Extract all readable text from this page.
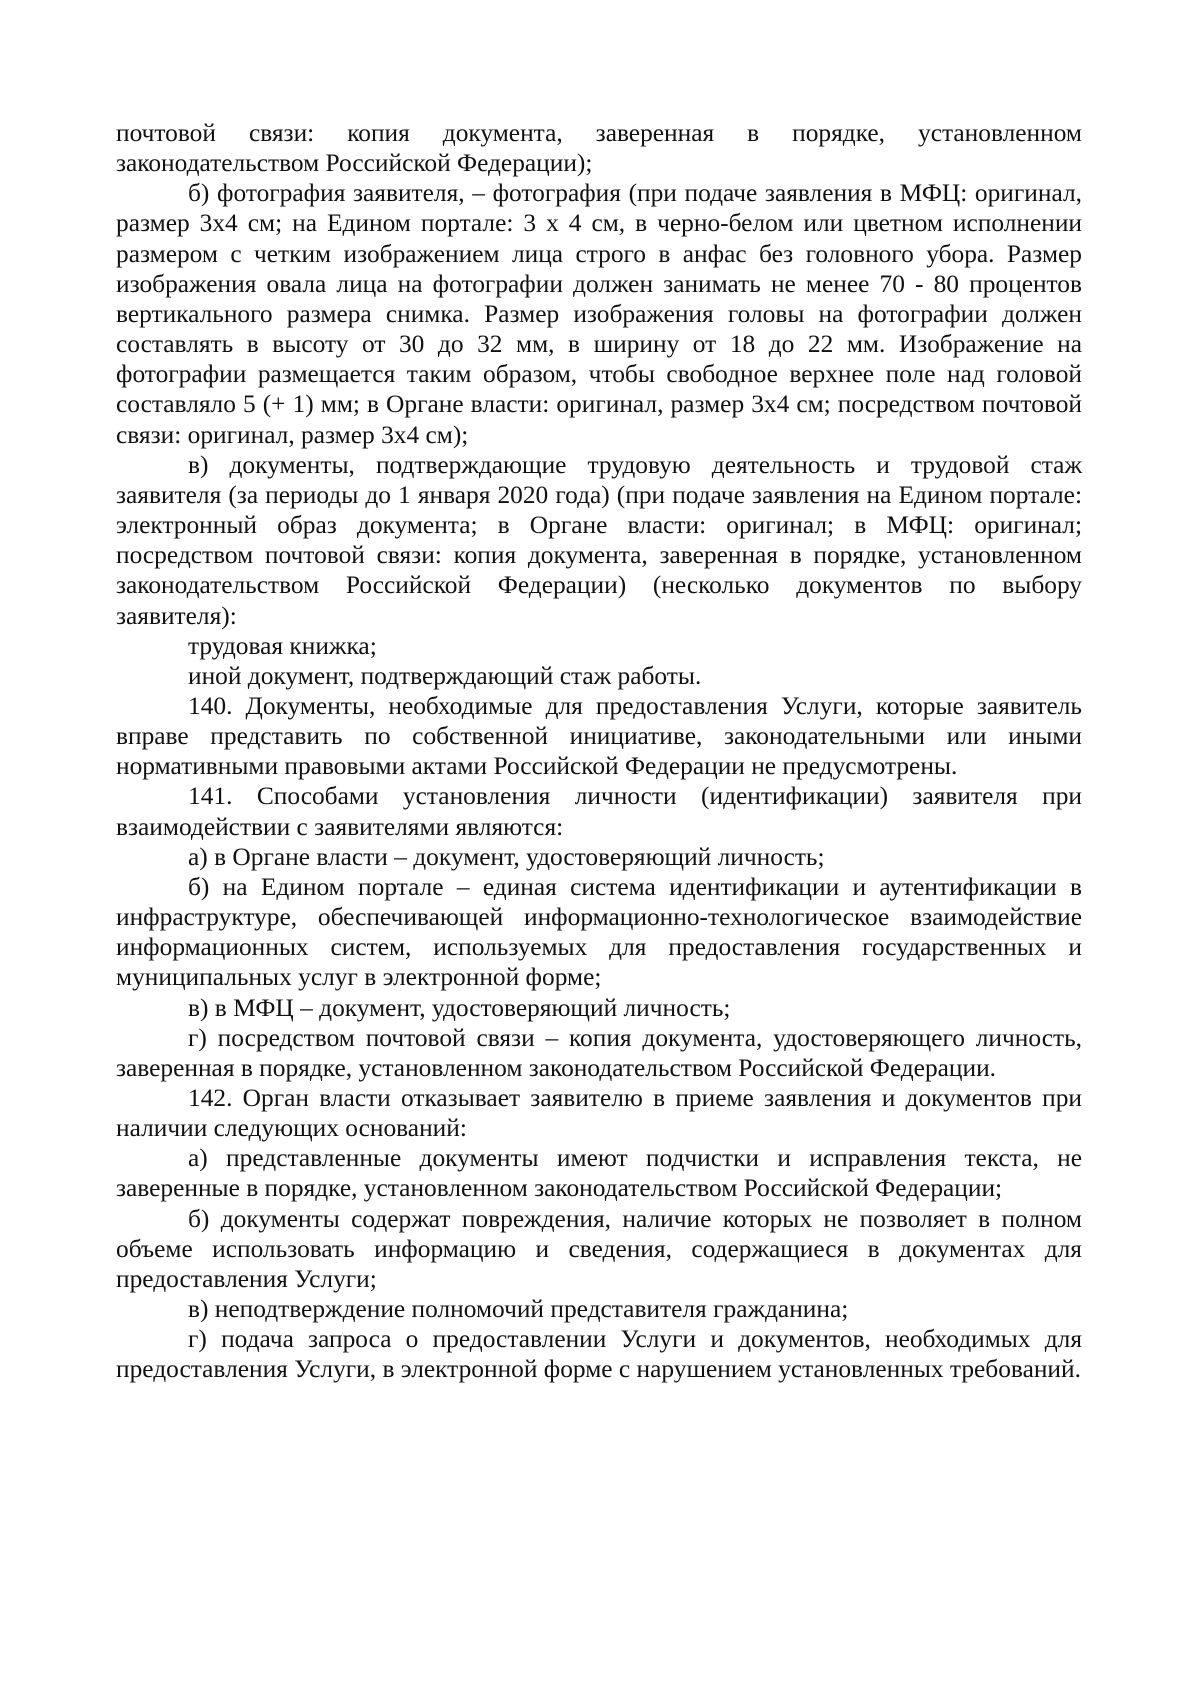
почтовой связи: копия документа, заверенная в порядке, установленном законодательством Российской Федерации);

б) фотография заявителя, – фотография (при подаче заявления в МФЦ: оригинал, размер 3х4 см; на Едином портале: 3 х 4 см, в черно-белом или цветном исполнении размером с четким изображением лица строго в анфас без головного убора. Размер изображения овала лица на фотографии должен занимать не менее 70 - 80 процентов вертикального размера снимка. Размер изображения головы на фотографии должен составлять в высоту от 30 до 32 мм, в ширину от 18 до 22 мм. Изображение на фотографии размещается таким образом, чтобы свободное верхнее поле над головой составляло 5 (+ 1) мм; в Органе власти: оригинал, размер 3х4 см; посредством почтовой связи: оригинал, размер 3х4 см);

в) документы, подтверждающие трудовую деятельность и трудовой стаж заявителя (за периоды до 1 января 2020 года) (при подаче заявления на Едином портале: электронный образ документа; в Органе власти: оригинал; в МФЦ: оригинал; посредством почтовой связи: копия документа, заверенная в порядке, установленном законодательством Российской Федерации) (несколько документов по выбору заявителя):

трудовая книжка;

иной документ, подтверждающий стаж работы.

140. Документы, необходимые для предоставления Услуги, которые заявитель вправе представить по собственной инициативе, законодательными или иными нормативными правовыми актами Российской Федерации не предусмотрены.

141. Способами установления личности (идентификации) заявителя при взаимодействии с заявителями являются:

а) в Органе власти – документ, удостоверяющий личность;

б) на Едином портале – единая система идентификации и аутентификации в инфраструктуре, обеспечивающей информационно-технологическое взаимодействие информационных систем, используемых для предоставления государственных и муниципальных услуг в электронной форме;

в) в МФЦ – документ, удостоверяющий личность;

г) посредством почтовой связи – копия документа, удостоверяющего личность, заверенная в порядке, установленном законодательством Российской Федерации.

142. Орган власти отказывает заявителю в приеме заявления и документов при наличии следующих оснований:

а) представленные документы имеют подчистки и исправления текста, не заверенные в порядке, установленном законодательством Российской Федерации;

б) документы содержат повреждения, наличие которых не позволяет в полном объеме использовать информацию и сведения, содержащиеся в документах для предоставления Услуги;

в) неподтверждение полномочий представителя гражданина;

г) подача запроса о предоставлении Услуги и документов, необходимых для предоставления Услуги, в электронной форме с нарушением установленных требований.
